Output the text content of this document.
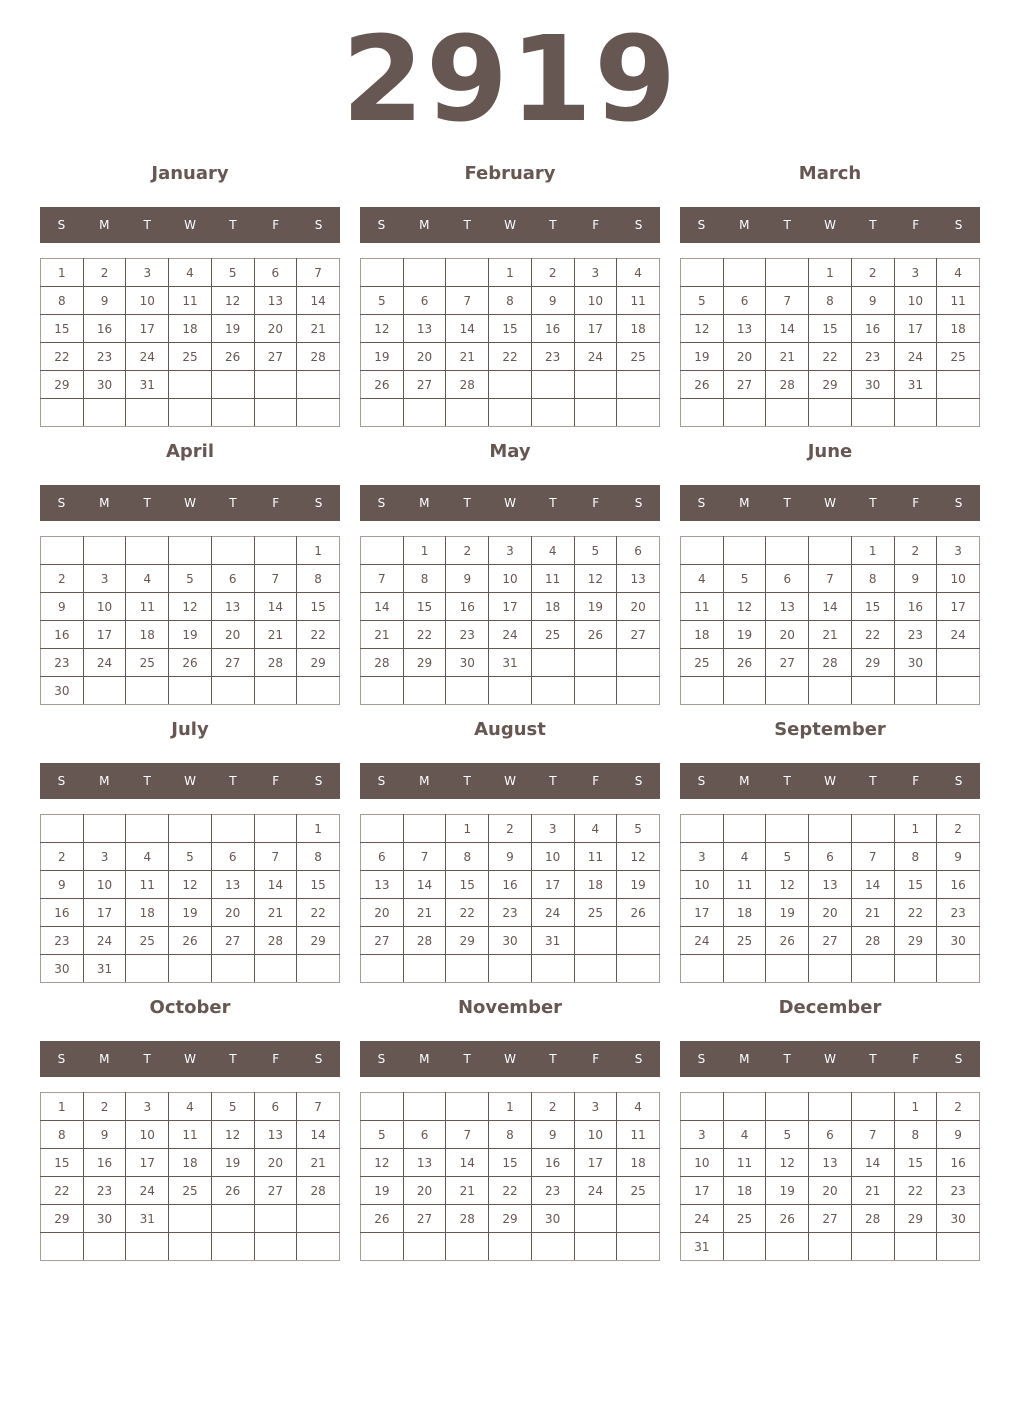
2919
January
S	M	T	W	T	F	S
1	2	3	4	5	6	7
8	9	10	11	12	13	14
15	16	17	18	19	20	21
22	23	24	25	26	27	28
29	30	31				

February
S	M	T	W	T	F	S
			1	2	3	4
5	6	7	8	9	10	11
12	13	14	15	16	17	18
19	20	21	22	23	24	25
26	27	28				

March
S	M	T	W	T	F	S
			1	2	3	4
5	6	7	8	9	10	11
12	13	14	15	16	17	18
19	20	21	22	23	24	25
26	27	28	29	30	31	

April
S	M	T	W	T	F	S
						1
2	3	4	5	6	7	8
9	10	11	12	13	14	15
16	17	18	19	20	21	22
23	24	25	26	27	28	29
30						
May
S	M	T	W	T	F	S
	1	2	3	4	5	6
7	8	9	10	11	12	13
14	15	16	17	18	19	20
21	22	23	24	25	26	27
28	29	30	31			

June
S	M	T	W	T	F	S
				1	2	3
4	5	6	7	8	9	10
11	12	13	14	15	16	17
18	19	20	21	22	23	24
25	26	27	28	29	30	

July
S	M	T	W	T	F	S
						1
2	3	4	5	6	7	8
9	10	11	12	13	14	15
16	17	18	19	20	21	22
23	24	25	26	27	28	29
30	31					
August
S	M	T	W	T	F	S
		1	2	3	4	5
6	7	8	9	10	11	12
13	14	15	16	17	18	19
20	21	22	23	24	25	26
27	28	29	30	31		

September
S	M	T	W	T	F	S
					1	2
3	4	5	6	7	8	9
10	11	12	13	14	15	16
17	18	19	20	21	22	23
24	25	26	27	28	29	30

October
S	M	T	W	T	F	S
1	2	3	4	5	6	7
8	9	10	11	12	13	14
15	16	17	18	19	20	21
22	23	24	25	26	27	28
29	30	31				

November
S	M	T	W	T	F	S
			1	2	3	4
5	6	7	8	9	10	11
12	13	14	15	16	17	18
19	20	21	22	23	24	25
26	27	28	29	30		

December
S	M	T	W	T	F	S
					1	2
3	4	5	6	7	8	9
10	11	12	13	14	15	16
17	18	19	20	21	22	23
24	25	26	27	28	29	30
31						
